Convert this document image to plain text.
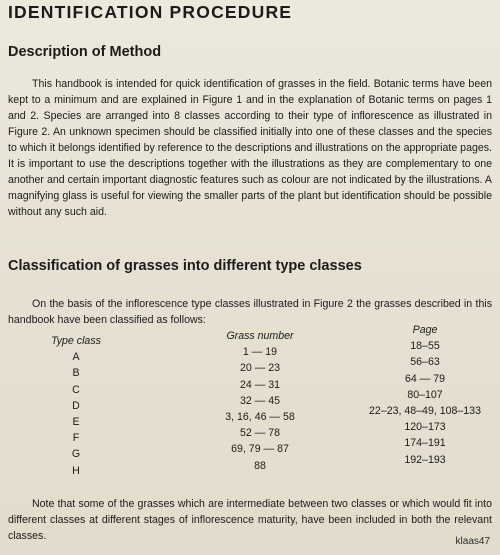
IDENTIFICATION PROCEDURE
Description of Method

This handbook is intended for quick identification of grasses in the field. Botanic terms have been kept to a minimum and are explained in Figure 1 and in the explanation of Botanic terms on pages 1 and 2. Species are arranged into 8 classes according to their type of inflorescence as illustrated in Figure 2. An unknown specimen should be classified initially into one of these classes and the species to which it belongs identified by reference to the descriptions and illustrations on the appropriate pages. It is important to use the descriptions together with the illustrations as they are complementary to one another and certain important diagnostic features such as colour are not indicated by the illustrations. A magnifying glass is useful for viewing the smaller parts of the plant but identification should be possible without any such aid.

Classification of grasses into different type classes

On the basis of the inflorescence type classes illustrated in Figure 2 the grasses described in this handbook have been classified as follows:

Type class
A
B
C
D
E
F
G
H
Grass number
1 — 19
20 — 23
24 — 31
32 — 45
3, 16, 46 — 58
52 — 78
69, 79 — 87
88
Page
18–55
56–63
64 — 79
80–107
22–23, 48–49, 108–133
120–173
174–191
192–193

Note that some of the grasses which are intermediate between two classes or which would fit into different classes at different stages of inflorescence maturity, have been included in both the relevant classes.	klaas47
